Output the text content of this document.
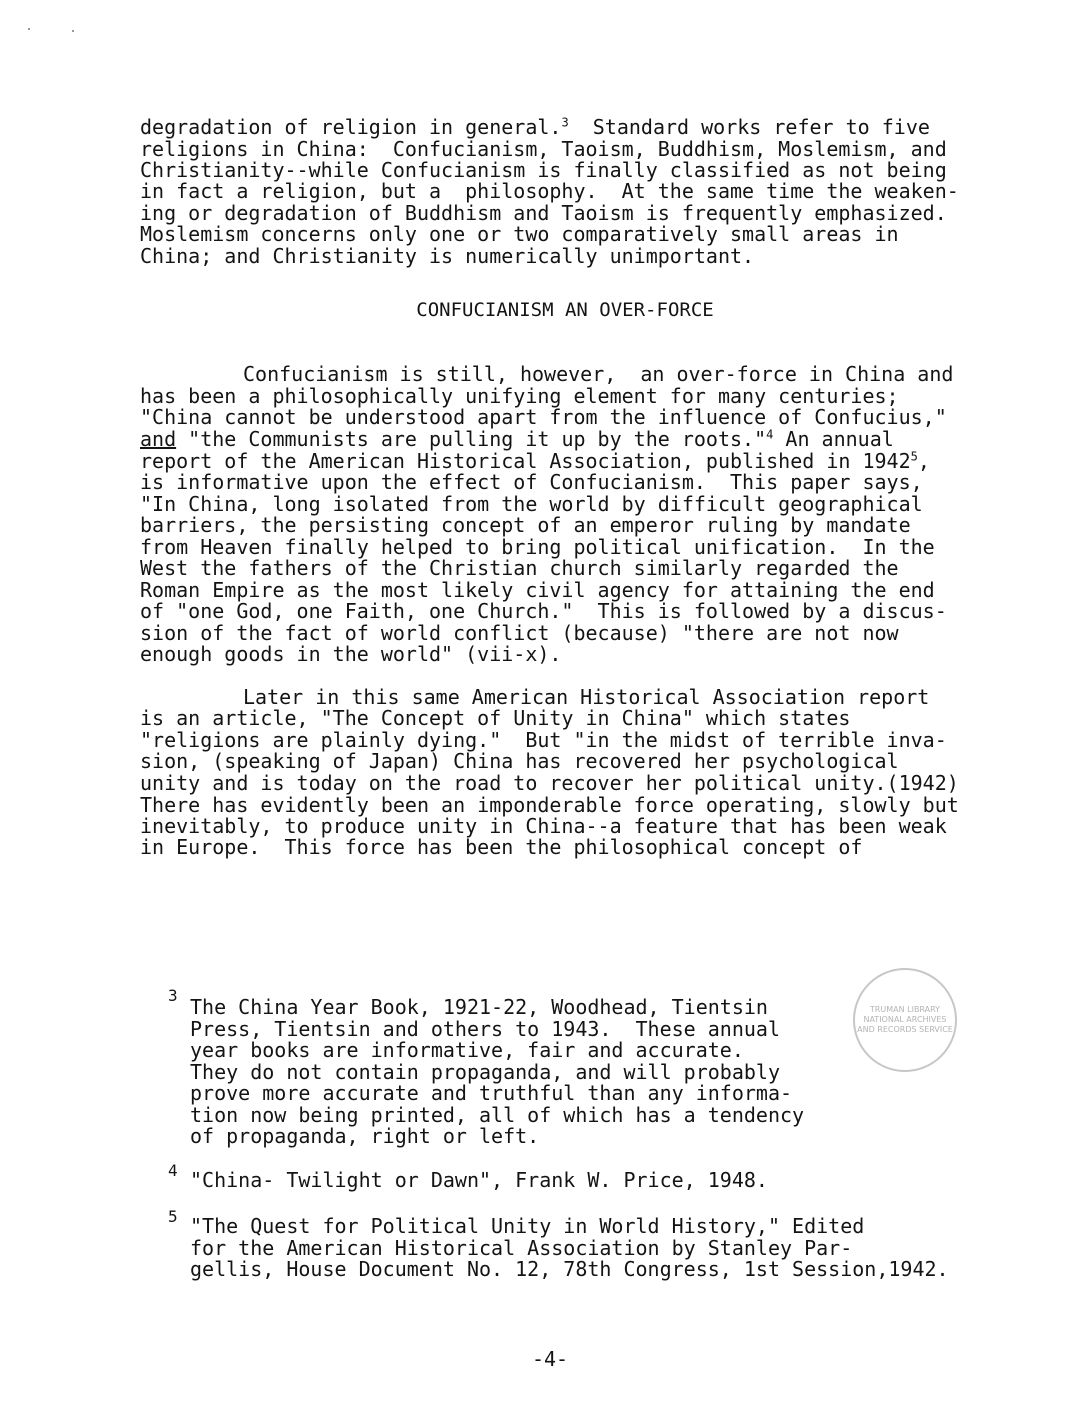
degradation of religion in general.$^3$  Standard works refer to five
religions in China:  Confucianism, Taoism, Buddhism, Moslemism, and
Christianity--while Confucianism is finally classified as not being
in fact a religion, but a  philosophy.  At the same time the weaken-
ing or degradation of Buddhism and Taoism is frequently emphasized.
Moslemism concerns only one or two comparatively small areas in
China; and Christianity is numerically unimportant.
CONFUCIANISM AN OVER-FORCE
Confucianism is still, however,  an over-force in China and
has been a philosophically unifying element for many centuries;
"China cannot be understood apart from the influence of Confucius,"
and "the Communists are pulling it up by the roots."$^4$ An annual
report of the American Historical Association, published in 1942$^5$,
is informative upon the effect of Confucianism.  This paper says,
"In China, long isolated from the world by difficult geographical
barriers, the persisting concept of an emperor ruling by mandate
from Heaven finally helped to bring political unification.  In the
West the fathers of the Christian church similarly regarded the
Roman Empire as the most likely civil agency for attaining the end
of "one God, one Faith, one Church."  This is followed by a discus-
sion of the fact of world conflict (because) "there are not now
enough goods in the world" (vii-x).
Later in this same American Historical Association report
is an article, "The Concept of Unity in China" which states
"religions are plainly dying."  But "in the midst of terrible inva-
sion, (speaking of Japan) China has recovered her psychological
unity and is today on the road to recover her political unity.(1942)
There has evidently been an imponderable force operating, slowly but
inevitably, to produce unity in China--a feature that has been weak
in Europe.  This force has been the philosophical concept of
TRUMAN LIBRARY NATIONAL ARCHIVES AND RECORDS SERVICE
3 The China Year Book, 1921-22, Woodhead, Tientsin
Press, Tientsin and others to 1943.  These annual
year books are informative, fair and accurate.
They do not contain propaganda, and will probably
prove more accurate and truthful than any informa-
tion now being printed, all of which has a tendency
of propaganda, right or left.
4 "China- Twilight or Dawn", Frank W. Price, 1948.
5 "The Quest for Political Unity in World History," Edited
for the American Historical Association by Stanley Par-
gellis, House Document No. 12, 78th Congress, 1st Session,1942.
-4-
